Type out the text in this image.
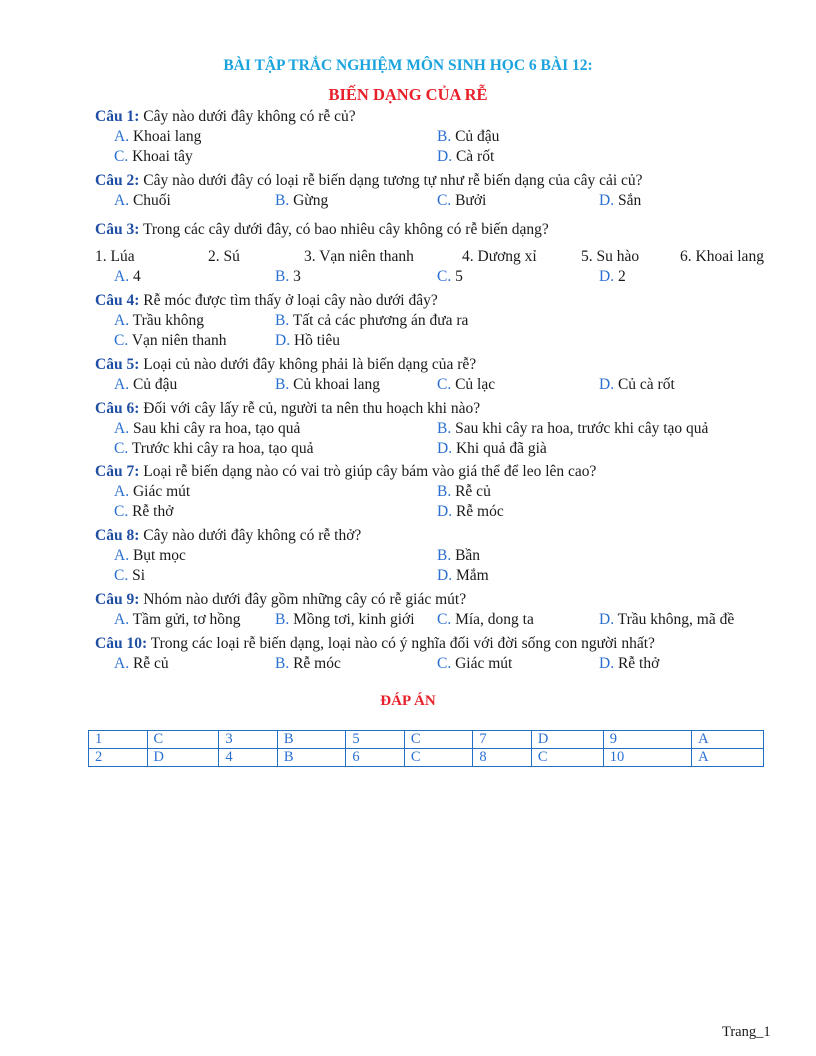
BÀI TẬP TRẮC NGHIỆM MÔN SINH HỌC 6 BÀI 12:
BIẾN DẠNG CỦA RỄ
Câu 1: Cây nào dưới đây không có rễ củ?
A. Khoai lang	B. Củ đậu
C. Khoai tây	D. Cà rốt
Câu 2: Cây nào dưới đây có loại rễ biến dạng tương tự như rễ biến dạng của cây cải củ?
A. Chuối	B. Gừng	C. Bưởi	D. Sắn
Câu 3: Trong các cây dưới đây, có bao nhiêu cây không có rễ biến dạng?
1. Lúa	2. Sú	3. Vạn niên thanh	4. Dương xỉ	5. Su hào	6. Khoai lang
A. 4	B. 3	C. 5	D. 2
Câu 4: Rễ móc được tìm thấy ở loại cây nào dưới đây?
A. Trầu không	B. Tất cả các phương án đưa ra
C. Vạn niên thanh	D. Hồ tiêu
Câu 5: Loại củ nào dưới đây không phải là biến dạng của rễ?
A. Củ đậu	B. Củ khoai lang	C. Củ lạc	D. Củ cà rốt
Câu 6: Đối với cây lấy rễ củ, người ta nên thu hoạch khi nào?
A. Sau khi cây ra hoa, tạo quả	B. Sau khi cây ra hoa, trước khi cây tạo quả
C. Trước khi cây ra hoa, tạo quả	D. Khi quả đã già
Câu 7: Loại rễ biến dạng nào có vai trò giúp cây bám vào giá thể để leo lên cao?
A. Giác mút	B. Rễ củ
C. Rễ thở	D. Rễ móc
Câu 8: Cây nào dưới đây không có rễ thở?
A. Bụt mọc	B. Bần
C. Si	D. Mắm
Câu 9: Nhóm nào dưới đây gồm những cây có rễ giác mút?
A. Tầm gửi, tơ hồng B. Mồng tơi, kinh giới C. Mía, dong ta	D. Trầu không, mã đề
Câu 10: Trong các loại rễ biến dạng, loại nào có ý nghĩa đối với đời sống con người nhất?
A. Rễ củ	B. Rễ móc	C. Giác mút	D. Rễ thở
ĐÁP ÁN
1	C	3	B	5	C	7	D	9	A
2	D	4	B	6	C	8	C	10	A
Trang_1
